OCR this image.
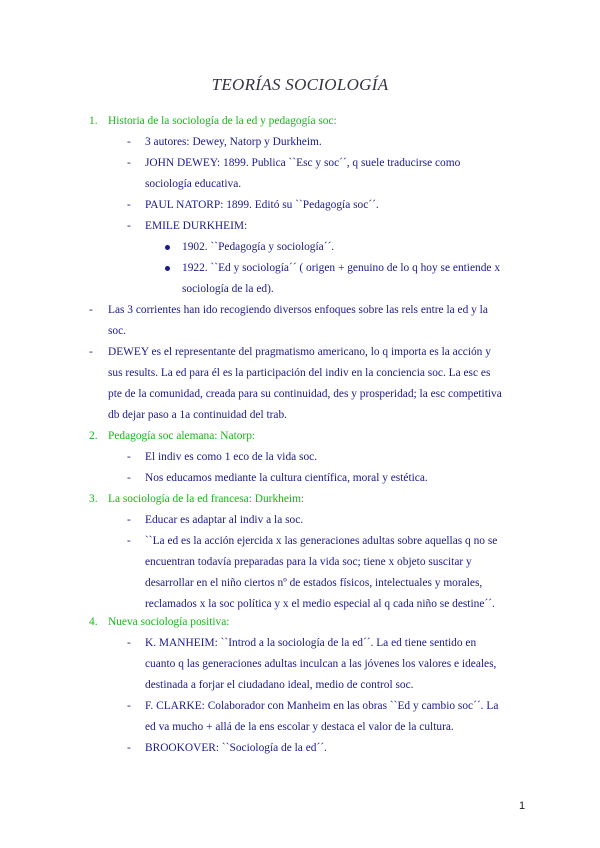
TEORÍAS SOCIOLOGÍA
1. Historia de la sociología de la ed y pedagogía soc:
- 3 autores: Dewey, Natorp y Durkheim.
- JOHN DEWEY: 1899. Publica ``Esc y soc´´, q suele traducirse como
sociología educativa.
- PAUL NATORP: 1899. Editó su ``Pedagogía soc´´.
- EMILE DURKHEIM:
1902. ``Pedagogía y sociología´´.
1922. ``Ed y sociología´´ ( origen + genuino de lo q hoy se entiende x
sociología de la ed).
- Las 3 corrientes han ido recogiendo diversos enfoques sobre las rels entre la ed y la
soc.
- DEWEY es el representante del pragmatismo americano, lo q importa es la acción y
sus results. La ed para él es la participación del indiv en la conciencia soc. La esc es
pte de la comunidad, creada para su continuidad, des y prosperidad; la esc competitiva
db dejar paso a 1a continuidad del trab.
2. Pedagogía soc alemana: Natorp:
- El indiv es como 1 eco de la vida soc.
- Nos educamos mediante la cultura científica, moral y estética.
3. La sociología de la ed francesa: Durkheim:
- Educar es adaptar al indiv a la soc.
- ``La ed es la acción ejercida x las generaciones adultas sobre aquellas q no se
encuentran todavía preparadas para la vida soc; tiene x objeto suscitar y
desarrollar en el niño ciertos nº de estados físicos, intelectuales y morales,
reclamados x la soc política y x el medio especial al q cada niño se destine´´.
4. Nueva sociología positiva:
- K. MANHEIM: ``Introd a la sociología de la ed´´. La ed tiene sentido en
cuanto q las generaciones adultas inculcan a las jóvenes los valores e ideales,
destinada a forjar el ciudadano ideal, medio de control soc.
- F. CLARKE: Colaborador con Manheim en las obras ``Ed y cambio soc´´. La
ed va mucho + allá de la ens escolar y destaca el valor de la cultura.
- BROOKOVER: ``Sociología de la ed´´.
1
